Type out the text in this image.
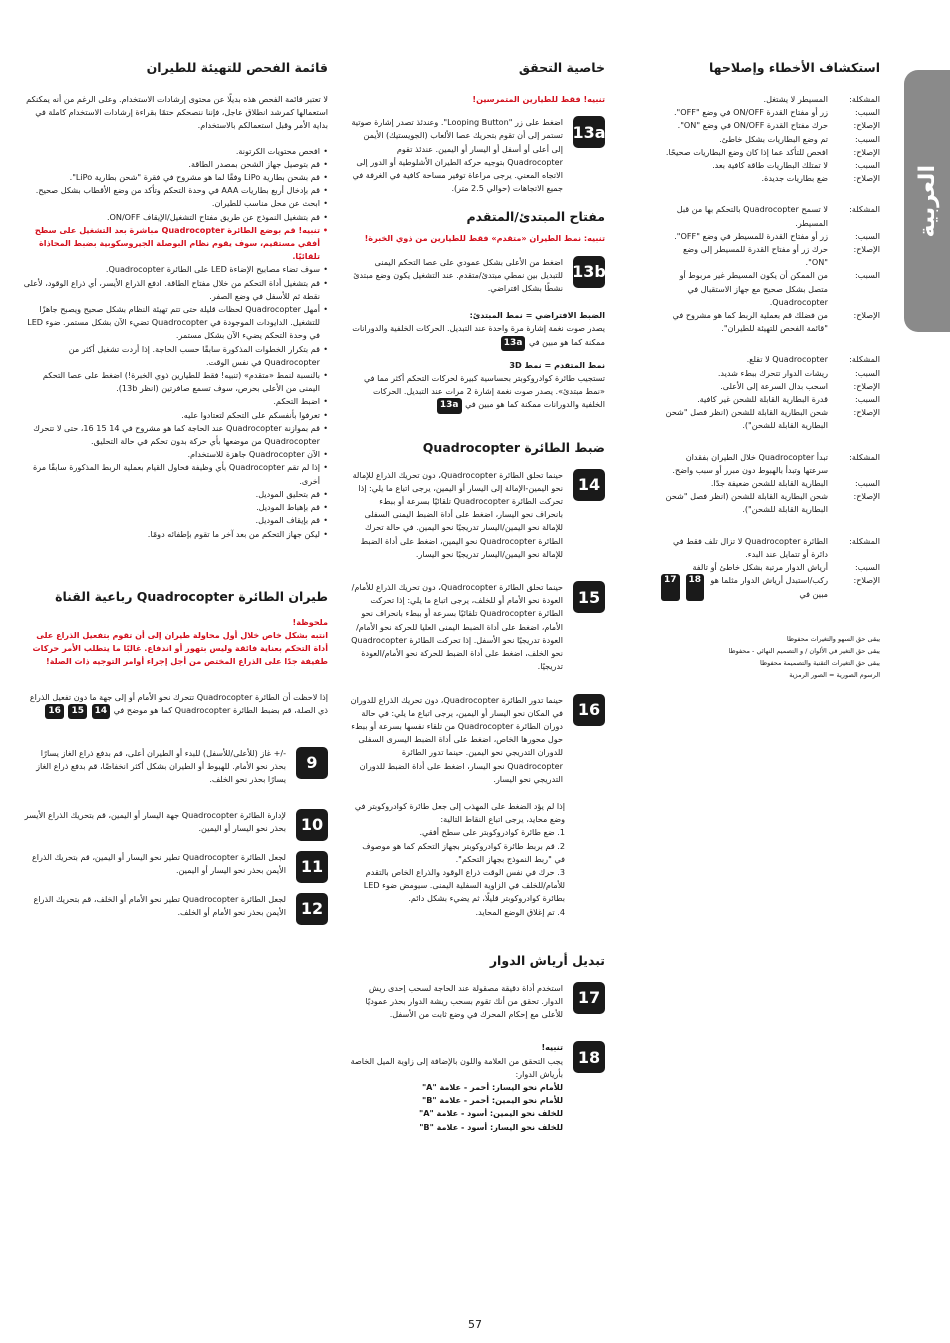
العربية
استكشاف الأخطاء وإصلاحها

المشكلة:

المسيطر لا يشتغل.

السبب:

زر أو مفتاح القدرة ON/OFF في وضع "OFF".

الإصلاح:

حرك مفتاح القدرة ON/OFF في وضع "ON".

السبب:

تم وضع البطاريات بشكل خاطئ.

الإصلاح:

افحص للتأكد عما إذا كان وضع البطاريات صحيحًا.

السبب:

لا تمتلك البطاريات طاقة كافية بعد.

الإصلاح:

ضع بطاريات جديدة.

المشكلة:

لا تسمح Quadrocopter بالتحكم بها من قبل المسيطر.

السبب:

زر أو مفتاح القدرة للمسيطر في وضع "OFF".

الإصلاح:

حرك زر أو مفتاح القدرة للمسيطر إلى وضع "ON".

السبب:

من الممكن أن يكون المسيطر غير مربوط أو متصل بشكل صحيح مع جهاز الاستقبال في Quadrocopter.

الإصلاح:

من فضلك قم بعملية الربط كما هو مشروح في "قائمة الفحص للتهيئة للطيران".

المشكلة:

Quadrocopter لا تقلع.

السبب:

ريشات الدوار تتحرك ببطء شديد.

الإصلاح:

اسحب بدال السرعة إلى الأعلى.

السبب:

قدرة البطارية القابلة للشحن غير كافية.

الإصلاح:

شحن البطارية القابلة للشحن (انظر فصل "شحن البطارية القابلة للشحن").

المشكلة:

تبدأ Quadrocopter خلال الطيران بفقدان سرعتها وتبدأ بالهبوط دون مبرر أو سبب واضح.

السبب:

البطارية القابلة للشحن ضعيفة جدًا.

الإصلاح:

شحن البطارية القابلة للشحن (انظر فصل "شحن البطارية القابلة للشحن").

المشكلة:

الطائرة Quadrocopter لا تزال تلف فقط في دائرة أو تتمايل عند البدء.

السبب:

أرياش الدوار مرتبة بشكل خاطئ أو تالفة

الإصلاح:

ركب/استبدل أرياش الدوار مثلما هو مبين في

18
17

يبقى حق السهو والتغيرات محفوظا

يبقى حق التغير في الألوان / و التصميم النهائي - محفوظا

يبقى حق التغيرات التقنية والتصميمة محفوظا

الرسوم الصورية = الصور الرمزية

خاصية التحقق

تنبيه! فقط للطيارين المتمرسين!

13a

اضغط على زر "Looping Button". وعندئذ تصدر إشارة صوتية تستمر إلى أن تقوم بتحريك عصا الألعاب (الجويستيك) الأيمن إلى أعلى أو أسفل أو اليسار أو اليمين. عندئذ تقوم Quadrocopter بتوجيه حركة الطيران الأشلوطية أو الدور إلى الاتجاه المعني. يرجى مراعاة توفير مساحة كافية في الغرفة في جميع الاتجاهات (حوالي 2.5 متر).

مفتاح المبتدئ/المتقدم

تنبيه: نمط الطيران «متقدم» فقط للطيارين من ذوي الخبرة!

13b

اضغط من الأعلى بشكل عمودي على عصا التحكم اليمنى للتبديل بين نمطي مبتدئ/متقدم. عند التشغيل يكون وضع مبتدئ نشطًا بشكل افتراضي.

الضبط الافتراضي = نمط المبتدئ:

يصدر صوت نغمة إشارة مرة واحدة عند التبديل. الحركات الخلفية والدورانات ممكنة كما هو مبين في 13a

نمط المتقدم = نمط 3D

تستجيب طائرة كوادروكوبتر بحساسية كبيرة لحركات التحكم أكثر مما في «نمط مبتدئ». يصدر صوت نغمة إشارة 2 مرات عند التبديل. الحركات الخلفية والدورانات ممكنة كما هو مبين في 13a

ضبط الطائرة Quadrocopter
14

حينما تحلق الطائرة Quadrocopter، دون تحريك الذراع للإمالة نحو اليمين-الإمالة إلى اليسار أو اليمين، يرجى اتباع ما يلي: إذا تحركت الطائرة Quadrocopter تلقائيًا بسرعة أو ببطء بانحراف نحو اليسار، اضغط على أداة الضبط اليمنى السفلى للإمالة نحو اليمين/اليسار تدريجيًا نحو اليمين. في حالة تحرك الطائرة Quadrocopter نحو اليمين، اضغط على أداة الضبط للإمالة نحو اليمين/اليسار تدريجيًا نحو اليسار.

15

حينما تحلق الطائرة Quadrocopter، دون تحريك الذراع للأمام/العودة نحو الأمام أو للخلف، يرجى اتباع ما يلي: إذا تحركت الطائرة Quadrocopter تلقائيًا بسرعة أو ببطء بانحراف نحو الأمام، اضغط على أداة الضبط اليمنى العليا للحركة نحو الأمام/العودة تدريجيًا نحو الأسفل. إذا تحركت الطائرة Quadrocopter نحو الخلف، اضغط على أداة الضبط للحركة نحو الأمام/العودة تدريجيًا.

16

حينما تدور الطائرة Quadrocopter، دون تحريك الذراع للدوران في المكان نحو اليسار أو اليمين، يرجى اتباع ما يلي: في حالة دوران الطائرة Quadrocopter من تلقاء نفسها بسرعة أو ببطء حول محورها الخاص، اضغط على أداة الضبط اليسرى السفلى للدوران التدريجي نحو اليمين. حينما تدور الطائرة Quadrocopter نحو اليسار، اضغط على أداة الضبط للدوران التدريجي نحو اليسار.

إذا لم يؤد الضغط على المهذب إلى جعل طائرة كوادروكوبتر في وضع محايد، يرجى اتباع النقاط التالية:

1. ضع طائرة كوادروكوبتر على سطح أفقي.

2. قم بربط طائرة كوادروكوبتر بجهاز التحكم كما هو موصوف في "ربط النموذج بجهاز التحكم".

3. حرك في نفس الوقت ذراع الوقود والذراع الخاص بالتقدم للأمام/للخلف في الزاوية السفلية اليمنى. سيومض ضوء LED بطائرة كوادروكوبتر قليلًا، ثم يضيء بشكل دائم.

4. تم إغلاق الوضع المحايد.

تبديل أرياش الدوار
17

استخدم أداة دقيقة مصقولة عند الحاجة لسحب إحدى ريش الدوار. تحقق من أنك تقوم بسحب ريشة الدوار بحذر عموديًا للأعلى مع إحكام المحرك في وضع ثابت من الأسفل.

18

تنبيه!

يجب التحقق من العلامة واللون بالإضافة إلى زاوية الميل الخاصة بأرياش الدوار:

للأمام نحو اليسار: أحمر - علامة "A"

للأمام نحو اليمين: أحمر - علامة "B"

للخلف نحو اليمين: أسود - علامة "A"

للخلف نحو اليسار: أسود - علامة "B"

قائمة الفحص للتهيئة للطيران

لا تعتبر قائمة الفحص هذه بديلًا عن محتوى إرشادات الاستخدام. وعلى الرغم من أنه يمكنكم استعمالها كمرشد انطلاق عاجل، فإننا ننصحكم حتمًا بقراءة إرشادات الاستخدام كاملة في بداية الأمر وقبل استعمالكم بالاستخدام.

• افحص محتويات الكرتونة.
• قم بتوصيل جهاز الشحن بمصدر الطاقة.
• قم بشحن بطارية LiPo وفقًا لما هو مشروح في فقرة "شحن بطارية LiPo".
• قم بإدخال أربع بطاريات AAA في وحدة التحكم وتأكد من وضع الأقطاب بشكل صحيح.
• ابحث عن محل مناسب للطيران.
• قم بتشغيل النموذج عن طريق مفتاح التشغيل/الإيقاف ON/OFF.
• تنبيه! قم بوضع الطائرة Quadrocopter مباشرة بعد التشغيل على سطح أفقي مستقيم، سوف يقوم نظام البوصلة الجيروسكوبية بضبط المحاذاة تلقائيًا.
• سوف تضاء مصابيح الإضاءة LED على الطائرة Quadrocopter.
• قم بتشغيل أداة التحكم من خلال مفتاح الطاقة. ادفع الذراع الأيسر، أي ذراع الوقود، لأعلى نقطة ثم للأسفل في وضع الصفر.
• أمهل Quadrocopter لحظات قليلة حتى تتم تهيئة النظام بشكل صحيح ويصبح جاهزًا للتشغيل. الدايودات الموجودة في Quadrocopter تضيء الآن بشكل مستمر. ضوء LED في وحدة التحكم يضيء الآن بشكل مستمر.
• قم بتكرار الخطوات المذكورة سابقًا حسب الحاجة. إذا أردت تشغيل أكثر من Quadrocopter في نفس الوقت.
• بالنسبة لنمط «متقدم» (تنبيه! فقط للطيارين ذوي الخبرة!) اضغط على عصا التحكم اليمنى من الأعلى بحرص، سوف تسمع صافرتين (انظر 13b).
• اضبط التحكم.
• تعرفوا بأنفسكم على التحكم لتعتادوا عليه.
• قم بموازنة Quadrocopter عند الحاجة كما هو مشروح في 14 15 16، حتى لا تتحرك Quadrocopter من موضعها بأي حركة بدون تحكم في حالة التحليق.
• الآن Quadrocopter جاهزة للاستخدام.
• إذا لم تقم Quadrocopter بأي وظيفة فحاول القيام بعملية الربط المذكورة سابقًا مرة أخرى.
• قم بتحليق الموديل.
• قم بإهباط الموديل.
• قم بإيقاف الموديل.
• ليكن جهاز التحكم من بعد آخر ما تقوم بإطفائه دومًا.
طيران الطائرة Quadrocopter رباعية القناة

ملحوظة!

انتبه بشكل خاص خلال أول محاولة طيران إلى أن تقوم بتفعيل الذراع على أداة التحكم بعناية فائقة وليس بتهور أو اندفاع. غالبًا ما يتطلب الأمر حركات طفيفة جدًا على الذراع المختص من أجل إجراء أوامر التوجيه ذات الصلة!

إذا لاحظت أن الطائرة Quadrocopter تتحرك نحو الأمام أو إلى جهة ما دون تفعيل الذراع ذي الصلة، قم بضبط الطائرة Quadrocopter كما هو موضح في 14 15 16

9

-/+ غاز (للأعلى/للأسفل) للبدء أو الطيران أعلى، قم بدفع ذراع الغاز يسارًا بحذر نحو الأمام. للهبوط أو الطيران بشكل أكثر انخفاضًا، قم بدفع ذراع الغاز يسارًا بحذر نحو الخلف.

10

لإدارة الطائرة Quadrocopter جهة اليسار أو اليمين، قم بتحريك الذراع الأيسر بحذر نحو اليسار أو اليمين.

11

لجعل الطائرة Quadrocopter تطير نحو اليسار أو اليمين، قم بتحريك الذراع الأيمن بحذر نحو اليسار أو اليمين.

12

لجعل الطائرة Quadrocopter تطير نحو الأمام أو الخلف، قم بتحريك الذراع الأيمن بحذر نحو الأمام أو الخلف.

57
